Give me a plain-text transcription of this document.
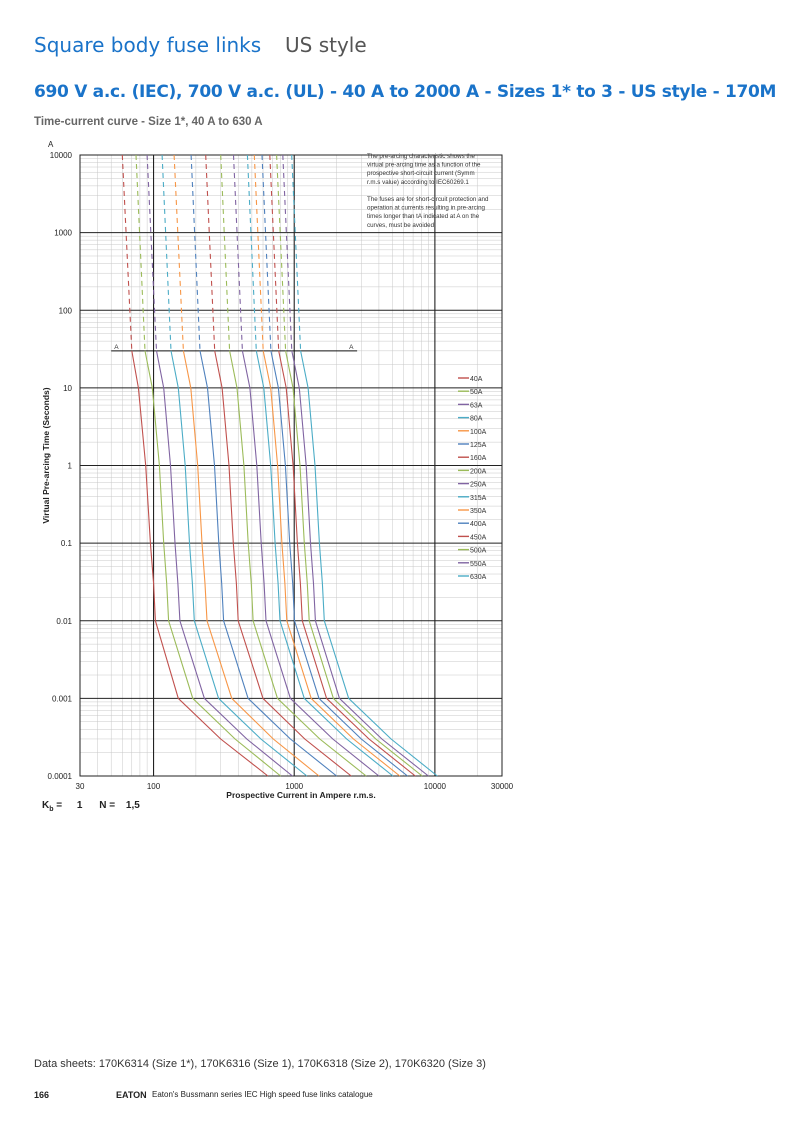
Square body fuse links US style
690 V a.c. (IEC), 700 V a.c. (UL) - 40 A to 2000 A - Sizes 1* to 3 - US style - 170M
Time-current curve - Size 1*, 40 A to 630 A
10000
1000
100
10
1
0.1
0.01
0.001
0.0001
30	100	1000	10000	30000
A
Prospective Current in Ampere r.m.s.
Virtual Pre-arcing Time (Seconds)
A	A
40A
50A
63A
80A
100A
125A
160A
200A
250A
315A
350A
400A
450A
500A
550A
630A
The pre-arcing characteristic shows the
virtual pre-arcing time as a function of the
prospective short-circuit current (Symm
r.m.s value) according to IEC60269.1
The fuses are for short-circuit protection and
operation at currents resulting in pre-arcing
times longer than tA indicated at A on the
curves, must be avoided.
$K_b = 1$ N = 1,5
Data sheets: 170K6314 (Size 1*), 170K6316 (Size 1), 170K6318 (Size 2), 170K6320 (Size 3)
166	EATON Eaton's Bussmann series IEC High speed fuse links catalogue
